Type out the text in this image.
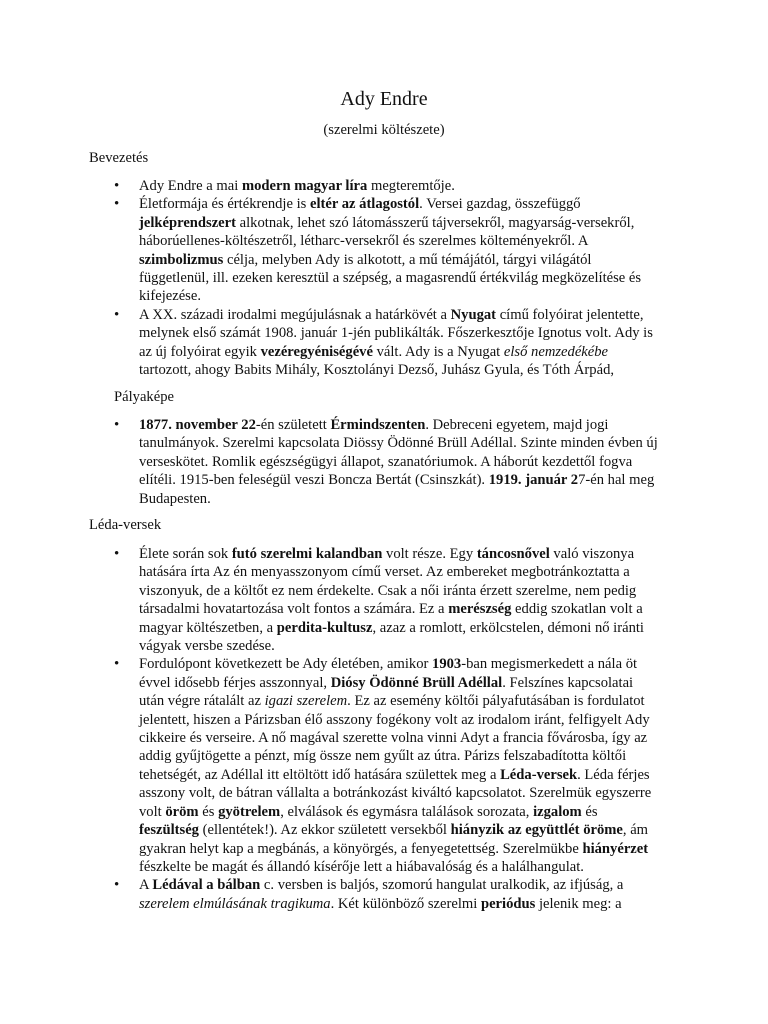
Ady Endre
(szerelmi költészete)
Bevezetés
• Ady Endre a mai modern magyar líra megteremtője.
• Életformája és értékrendje is eltér az átlagostól. Versei gazdag, összefüggő jelképrendszert alkotnak, lehet szó látomásszerű tájversekről, magyarság-versekről, háborúellenes-költészetről, létharc-versekről és szerelmes költeményekről. A szimbolizmus célja, melyben Ady is alkotott, a mű témájától, tárgyi világától függetlenül, ill. ezeken keresztül a szépség, a magasrendű értékvilág megközelítése és kifejezése.
• A XX. századi irodalmi megújulásnak a határkövét a Nyugat című folyóirat jelentette, melynek első számát 1908. január 1-jén publikálták. Főszerkesztője Ignotus volt. Ady is az új folyóirat egyik vezéregyéniségévé vált. Ady is a Nyugat első nemzedékébe tartozott, ahogy Babits Mihály, Kosztolányi Dezső, Juhász Gyula, és Tóth Árpád,
Pályaképe
• 1877. november 22-én született Érmindszenten. Debreceni egyetem, majd jogi tanulmányok. Szerelmi kapcsolata Diössy Ödönné Brüll Adéllal. Szinte minden évben új verseskötet. Romlik egészségügyi állapot, szanatóriumok. A háborút kezdettől fogva elítéli. 1915-ben feleségül veszi Boncza Bertát (Csinszkát). 1919. január 27-én hal meg Budapesten.
Léda-versek
• Élete során sok futó szerelmi kalandban volt része. Egy táncosnővel való viszonya hatására írta Az én menyasszonyom című verset. Az embereket megbotránkoztatta a viszonyuk, de a költőt ez nem érdekelte. Csak a női iránta érzett szerelme, nem pedig társadalmi hovatartozása volt fontos a számára. Ez a merészség eddig szokatlan volt a magyar költészetben, a perdita-kultusz, azaz a romlott, erkölcstelen, démoni nő iránti vágyak versbe szedése.
• Fordulópont következett be Ady életében, amikor 1903-ban megismerkedett a nála öt évvel idősebb férjes asszonnyal, Diósy Ödönné Brüll Adéllal. Felszínes kapcsolatai után végre rátalált az igazi szerelem. Ez az esemény költői pályafutásában is fordulatot jelentett, hiszen a Párizsban élő asszony fogékony volt az irodalom iránt, felfigyelt Ady cikkeire és verseire. A nő magával szerette volna vinni Adyt a francia fővárosba, így az addig gyűjtögette a pénzt, míg össze nem gyűlt az útra. Párizs felszabadította költői tehetségét, az Adéllal itt eltöltött idő hatására születtek meg a Léda-versek. Léda férjes asszony volt, de bátran vállalta a botránkozást kiváltó kapcsolatot. Szerelmük egyszerre volt öröm és gyötrelem, elválások és egymásra találások sorozata, izgalom és feszültség (ellentétek!). Az ekkor született versekből hiányzik az együttlét öröme, ám gyakran helyt kap a megbánás, a könyörgés, a fenyegetettség. Szerelmükbe hiányérzet fészkelte be magát és állandó kísérője lett a hiábavalóság és a halálhangulat.
• A Lédával a bálban c. versben is baljós, szomorú hangulat uralkodik, az ifjúság, a szerelem elmúlásának tragikuma. Két különböző szerelmi periódus jelenik meg: a
